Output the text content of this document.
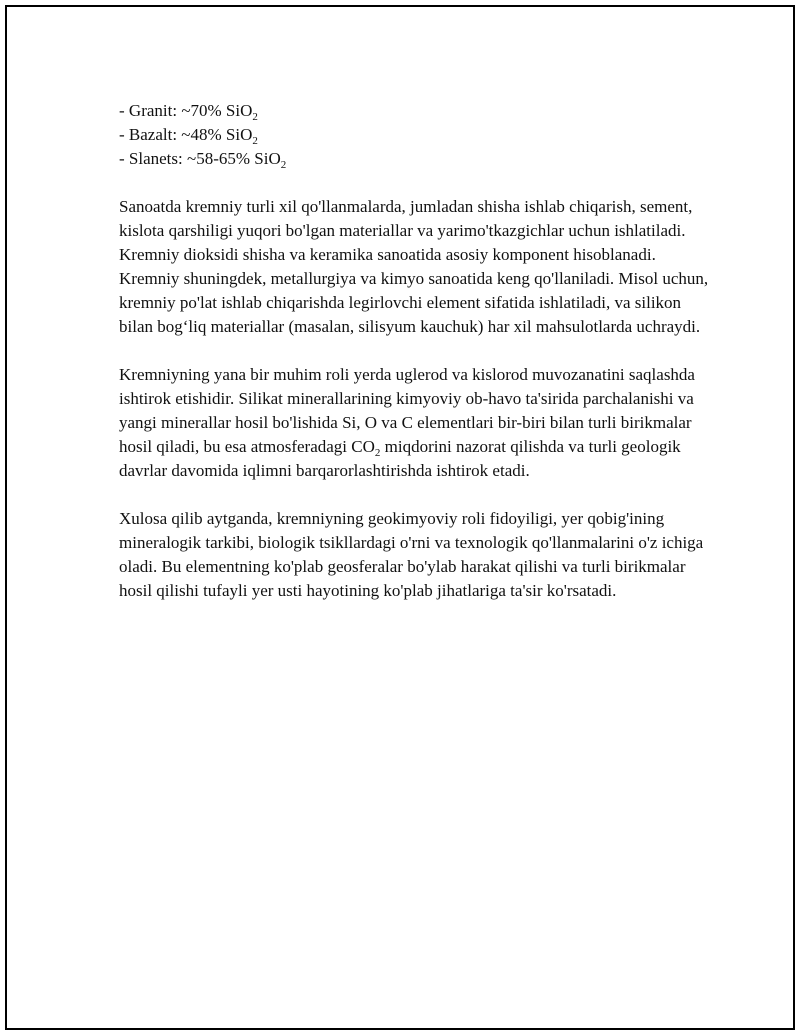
- Granit: ~70% SiO$_2$

- Bazalt: ~48% SiO$_2$

- Slanets: ~58-65% SiO$_2$

Sanoatda kremniy turli xil qo'llanmalarda, jumladan shisha ishlab chiqarish, sement, kislota qarshiligi yuqori bo'lgan materiallar va yarimo'tkazgichlar uchun ishlatiladi. Kremniy dioksidi shisha va keramika sanoatida asosiy komponent hisoblanadi. Kremniy shuningdek, metallurgiya va kimyo sanoatida keng qo'llaniladi. Misol uchun, kremniy po'lat ishlab chiqarishda legirlovchi element sifatida ishlatiladi, va silikon bilan bog‘liq materiallar (masalan, silisyum kauchuk) har xil mahsulotlarda uchraydi.

Kremniyning yana bir muhim roli yerda uglerod va kislorod muvozanatini saqlashda ishtirok etishidir. Silikat minerallarining kimyoviy ob-havo ta'sirida parchalanishi va yangi minerallar hosil bo'lishida Si, O va C elementlari bir-biri bilan turli birikmalar hosil qiladi, bu esa atmosferadagi $CO_2$ miqdorini nazorat qilishda va turli geologik davrlar davomida iqlimni barqarorlashtirishda ishtirok etadi.

Xulosa qilib aytganda, kremniyning geokimyoviy roli fidoyiligi, yer qobig'ining mineralogik tarkibi, biologik tsikllardagi o'rni va texnologik qo'llanmalarini o'z ichiga oladi. Bu elementning ko'plab geosferalar bo'ylab harakat qilishi va turli birikmalar hosil qilishi tufayli yer usti hayotining ko'plab jihatlariga ta'sir ko'rsatadi.
